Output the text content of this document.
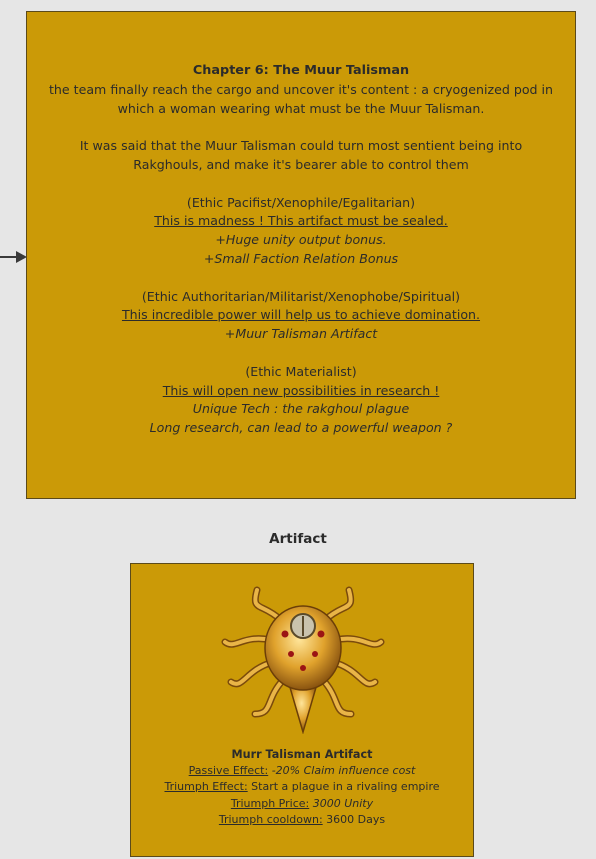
Chapter 6: The Muur Talisman

the team finally reach the cargo and uncover it's content : a cryogenized pod in

which a woman wearing what must be the Muur Talisman.

It was said that the Muur Talisman could turn most sentient being into

Rakghouls, and make it's bearer able to control them

(Ethic Pacifist/Xenophile/Egalitarian)

This is madness ! This artifact must be sealed.

+Huge unity output bonus.

+Small Faction Relation Bonus

(Ethic Authoritarian/Militarist/Xenophobe/Spiritual)

This incredible power will help us to achieve domination.

+Muur Talisman Artifact

(Ethic Materialist)

This will open new possibilities in research !

Unique Tech : the rakghoul plague

Long research, can lead to a powerful weapon ?

Artifact

Murr Talisman Artifact

Passive Effect: -20% Claim influence cost

Triumph Effect: Start a plague in a rivaling empire

Triumph Price: 3000 Unity

Triumph cooldown: 3600 Days
